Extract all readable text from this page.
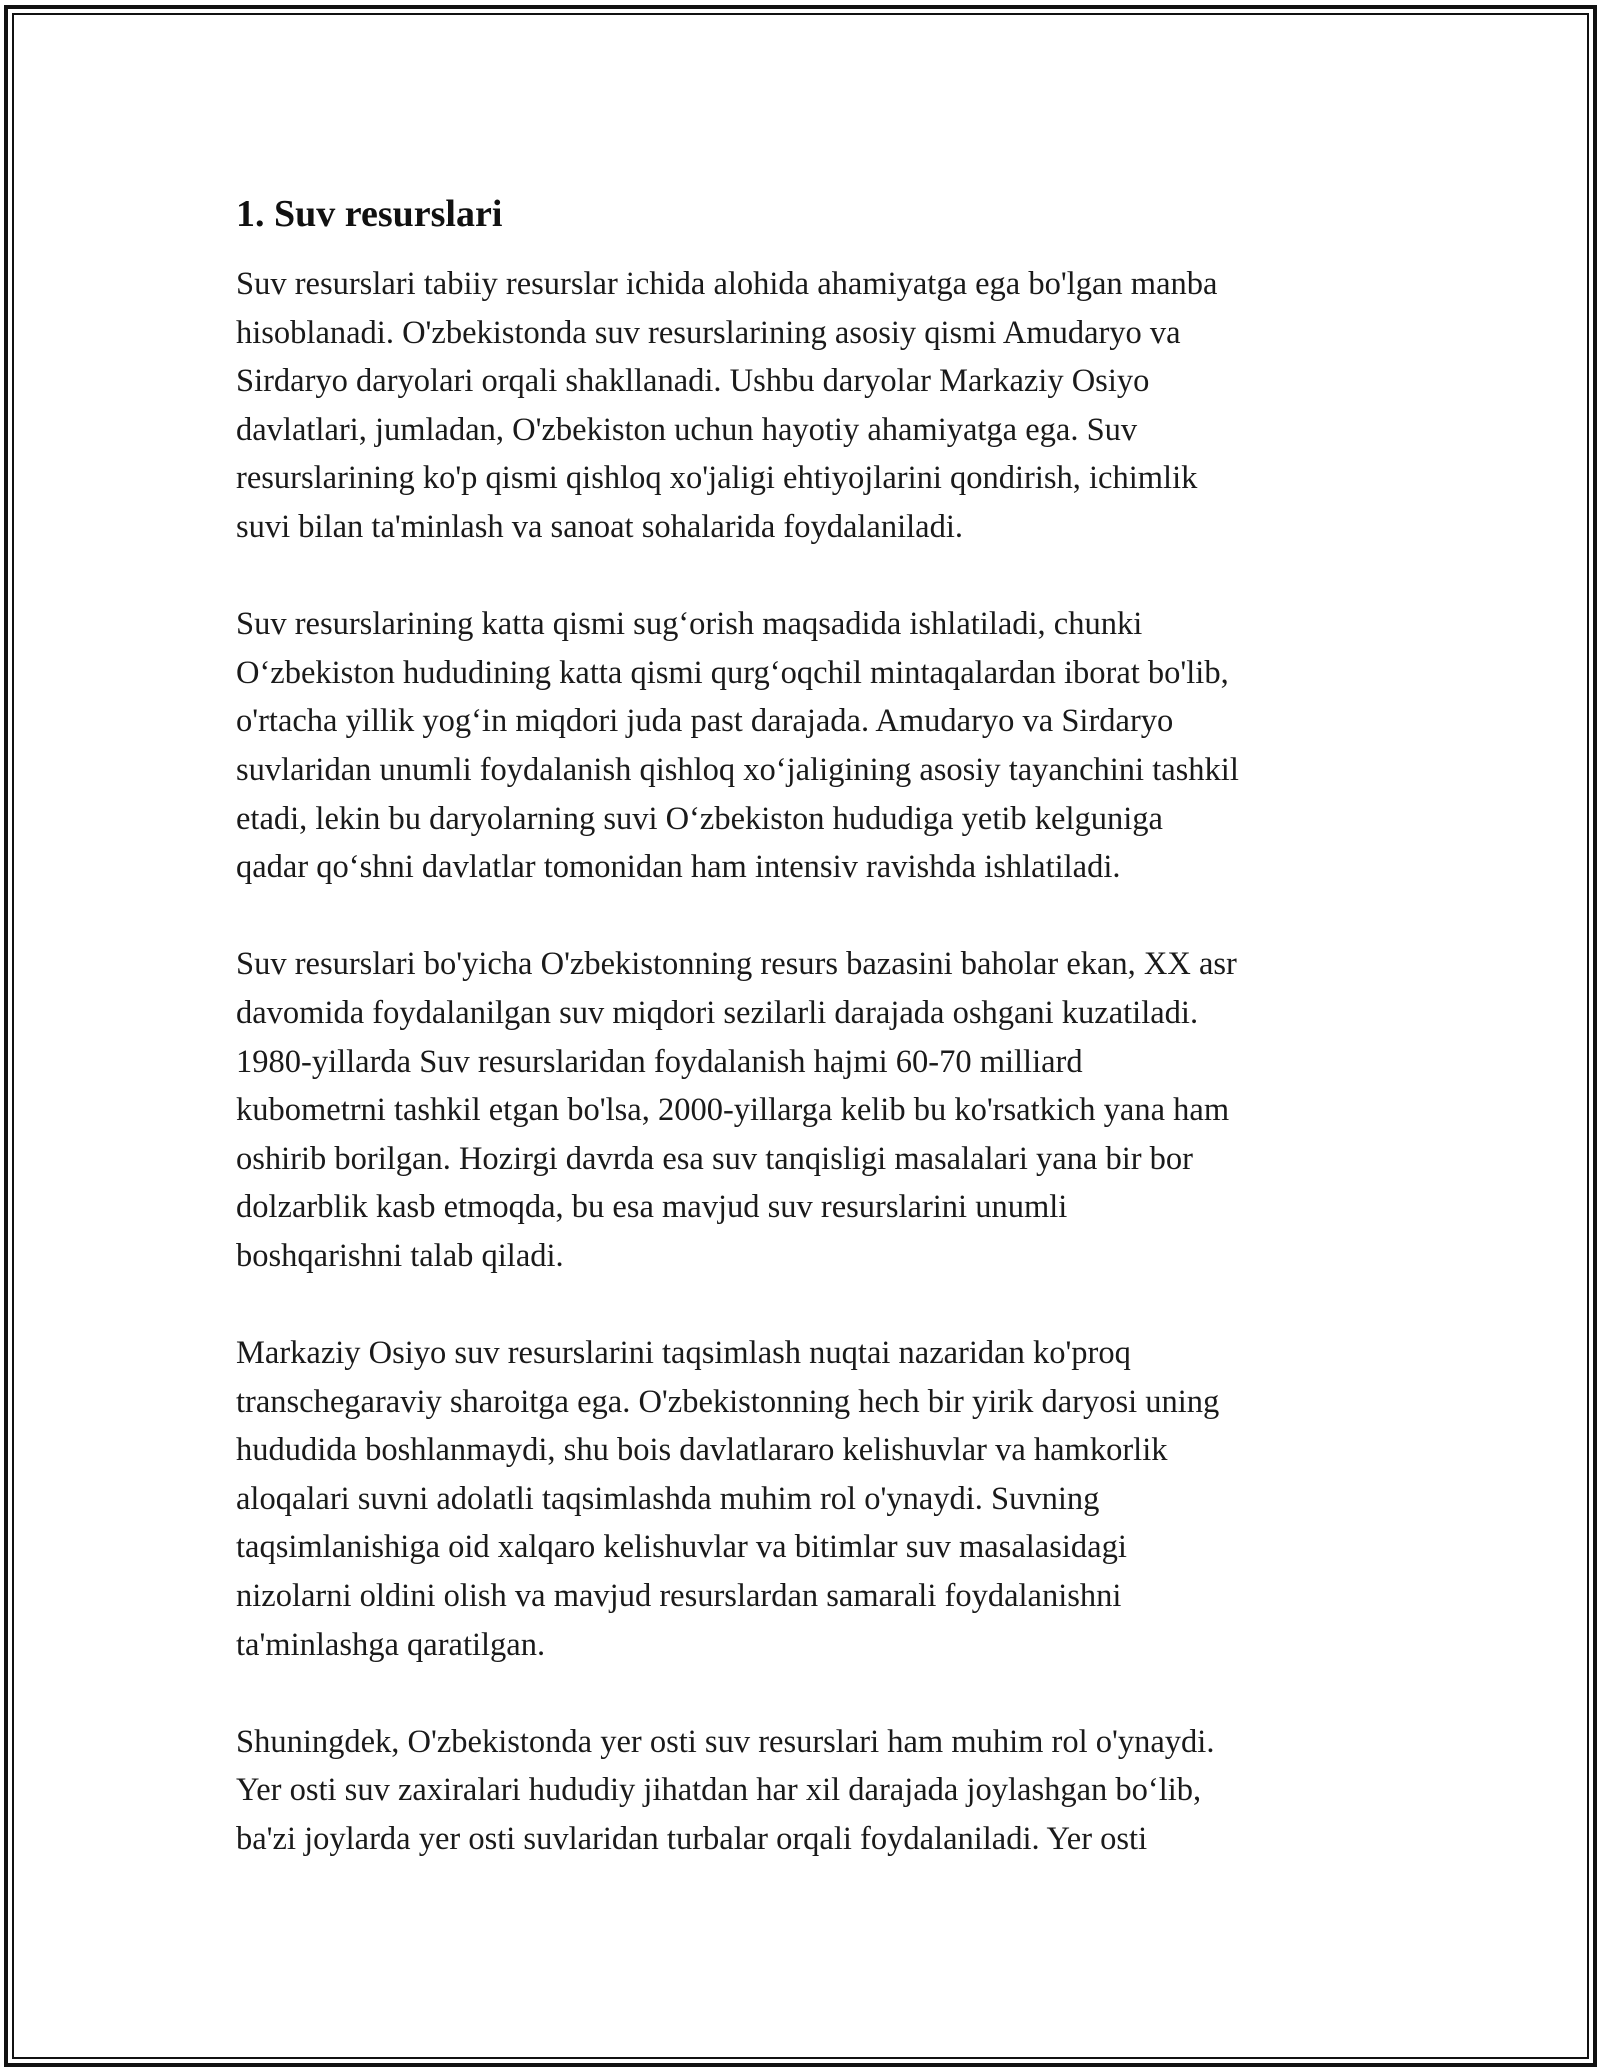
1. Suv resurslari

Suv resurslari tabiiy resurslar ichida alohida ahamiyatga ega bo'lgan manba
hisoblanadi. O'zbekistonda suv resurslarining asosiy qismi Amudaryo va
Sirdaryo daryolari orqali shakllanadi. Ushbu daryolar Markaziy Osiyo
davlatlari, jumladan, O'zbekiston uchun hayotiy ahamiyatga ega. Suv
resurslarining ko'p qismi qishloq xo'jaligi ehtiyojlarini qondirish, ichimlik
suvi bilan ta'minlash va sanoat sohalarida foydalaniladi.

Suv resurslarining katta qismi sug‘orish maqsadida ishlatiladi, chunki
O‘zbekiston hududining katta qismi qurg‘oqchil mintaqalardan iborat bo'lib,
o'rtacha yillik yog‘in miqdori juda past darajada. Amudaryo va Sirdaryo
suvlaridan unumli foydalanish qishloq xo‘jaligining asosiy tayanchini tashkil
etadi, lekin bu daryolarning suvi O‘zbekiston hududiga yetib kelguniga
qadar qo‘shni davlatlar tomonidan ham intensiv ravishda ishlatiladi.

Suv resurslari bo'yicha O'zbekistonning resurs bazasini baholar ekan, XX asr
davomida foydalanilgan suv miqdori sezilarli darajada oshgani kuzatiladi.
1980-yillarda Suv resurslaridan foydalanish hajmi 60-70 milliard
kubometrni tashkil etgan bo'lsa, 2000-yillarga kelib bu ko'rsatkich yana ham
oshirib borilgan. Hozirgi davrda esa suv tanqisligi masalalari yana bir bor
dolzarblik kasb etmoqda, bu esa mavjud suv resurslarini unumli
boshqarishni talab qiladi.

Markaziy Osiyo suv resurslarini taqsimlash nuqtai nazaridan ko'proq
transchegaraviy sharoitga ega. O'zbekistonning hech bir yirik daryosi uning
hududida boshlanmaydi, shu bois davlatlararo kelishuvlar va hamkorlik
aloqalari suvni adolatli taqsimlashda muhim rol o'ynaydi. Suvning
taqsimlanishiga oid xalqaro kelishuvlar va bitimlar suv masalasidagi
nizolarni oldini olish va mavjud resurslardan samarali foydalanishni
ta'minlashga qaratilgan.

Shuningdek, O'zbekistonda yer osti suv resurslari ham muhim rol o'ynaydi.
Yer osti suv zaxiralari hududiy jihatdan har xil darajada joylashgan bo‘lib,
ba'zi joylarda yer osti suvlaridan turbalar orqali foydalaniladi. Yer osti
